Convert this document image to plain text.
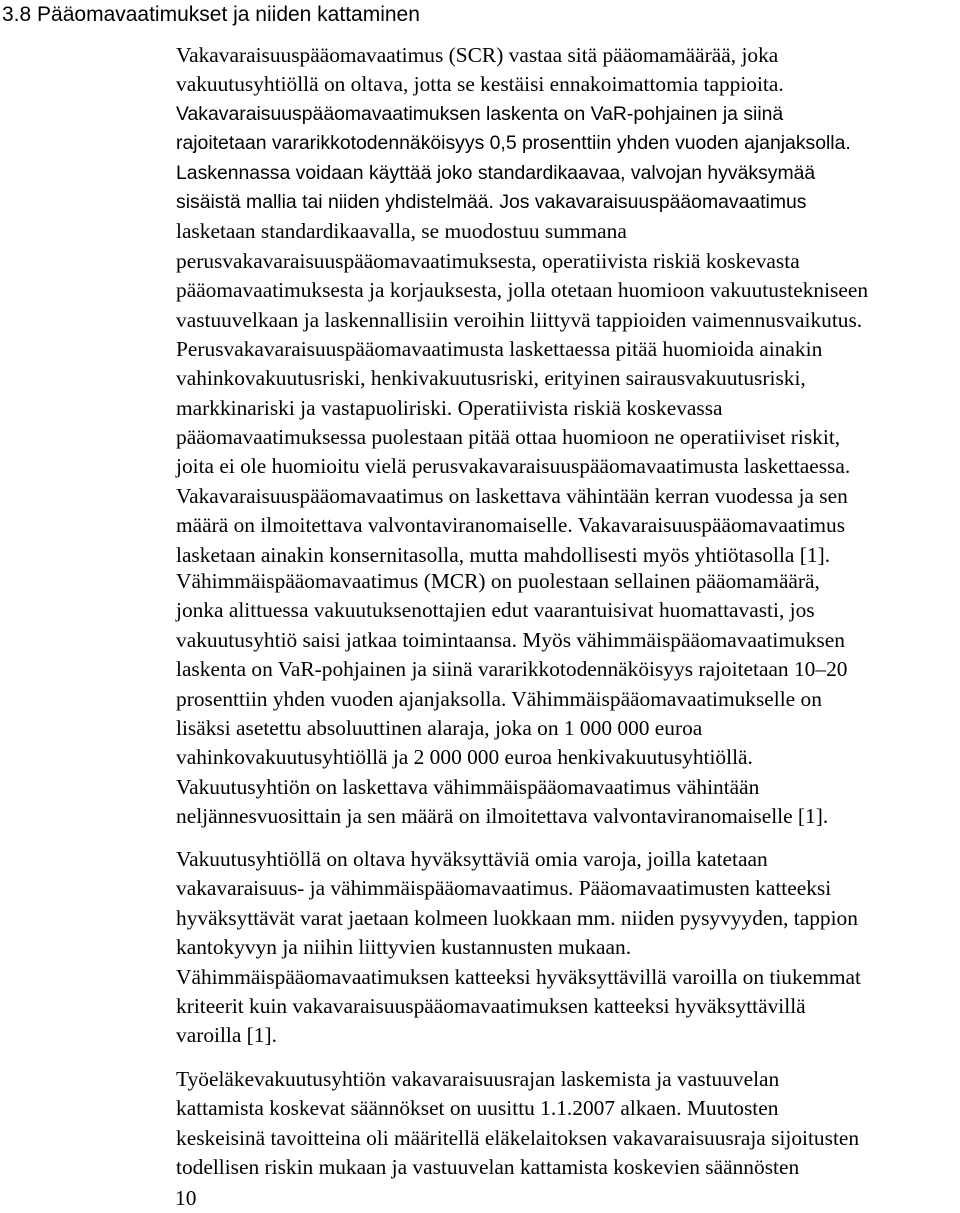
3.8 Pääomavaatimukset ja niiden kattaminen
Vakavaraisuuspääomavaatimus (SCR) vastaa sitä pääomamäärää, joka
vakuutusyhtiöllä on oltava, jotta se kestäisi ennakoimattomia tappioita.
Vakavaraisuuspääomavaatimuksen laskenta on VaR-pohjainen ja siinä
rajoitetaan vararikkotodennäköisyys 0,5 prosenttiin yhden vuoden ajanjaksolla.
Laskennassa voidaan käyttää joko standardikaavaa, valvojan hyväksymää
sisäistä mallia tai niiden yhdistelmää. Jos vakavaraisuuspääomavaatimus
lasketaan standardikaavalla, se muodostuu summana
perusvakavaraisuuspääomavaatimuksesta, operatiivista riskiä koskevasta
pääomavaatimuksesta ja korjauksesta, jolla otetaan huomioon vakuutustekniseen
vastuuvelkaan ja laskennallisiin veroihin liittyvä tappioiden vaimennusvaikutus.
Perusvakavaraisuuspääomavaatimusta laskettaessa pitää huomioida ainakin
vahinkovakuutusriski, henkivakuutusriski, erityinen sairausvakuutusriski,
markkinariski ja vastapuoliriski. Operatiivista riskiä koskevassa
pääomavaatimuksessa puolestaan pitää ottaa huomioon ne operatiiviset riskit,
joita ei ole huomioitu vielä perusvakavaraisuuspääomavaatimusta laskettaessa.
Vakavaraisuuspääomavaatimus on laskettava vähintään kerran vuodessa ja sen
määrä on ilmoitettava valvontaviranomaiselle. Vakavaraisuuspääomavaatimus
lasketaan ainakin konsernitasolla, mutta mahdollisesti myös yhtiötasolla [1].
Vähimmäispääomavaatimus (MCR) on puolestaan sellainen pääomamäärä,
jonka alittuessa vakuutuksenottajien edut vaarantuisivat huomattavasti, jos
vakuutusyhtiö saisi jatkaa toimintaansa. Myös vähimmäispääomavaatimuksen
laskenta on VaR-pohjainen ja siinä vararikkotodennäköisyys rajoitetaan 10–20
prosenttiin yhden vuoden ajanjaksolla. Vähimmäispääomavaatimukselle on
lisäksi asetettu absoluuttinen alaraja, joka on 1 000 000 euroa
vahinkovakuutusyhtiöllä ja 2 000 000 euroa henkivakuutusyhtiöllä.
Vakuutusyhtiön on laskettava vähimmäispääomavaatimus vähintään
neljännesvuosittain ja sen määrä on ilmoitettava valvontaviranomaiselle [1].
Vakuutusyhtiöllä on oltava hyväksyttäviä omia varoja, joilla katetaan
vakavaraisuus- ja vähimmäispääomavaatimus. Pääomavaatimusten katteeksi
hyväksyttävät varat jaetaan kolmeen luokkaan mm. niiden pysyvyyden, tappion
kantokyvyn ja niihin liittyvien kustannusten mukaan.
Vähimmäispääomavaatimuksen katteeksi hyväksyttävillä varoilla on tiukemmat
kriteerit kuin vakavaraisuuspääomavaatimuksen katteeksi hyväksyttävillä
varoilla [1].
Työeläkevakuutusyhtiön vakavaraisuusrajan laskemista ja vastuuvelan
kattamista koskevat säännökset on uusittu 1.1.2007 alkaen. Muutosten
keskeisinä tavoitteina oli määritellä eläkelaitoksen vakavaraisuusraja sijoitusten
todellisen riskin mukaan ja vastuuvelan kattamista koskevien säännösten
10
